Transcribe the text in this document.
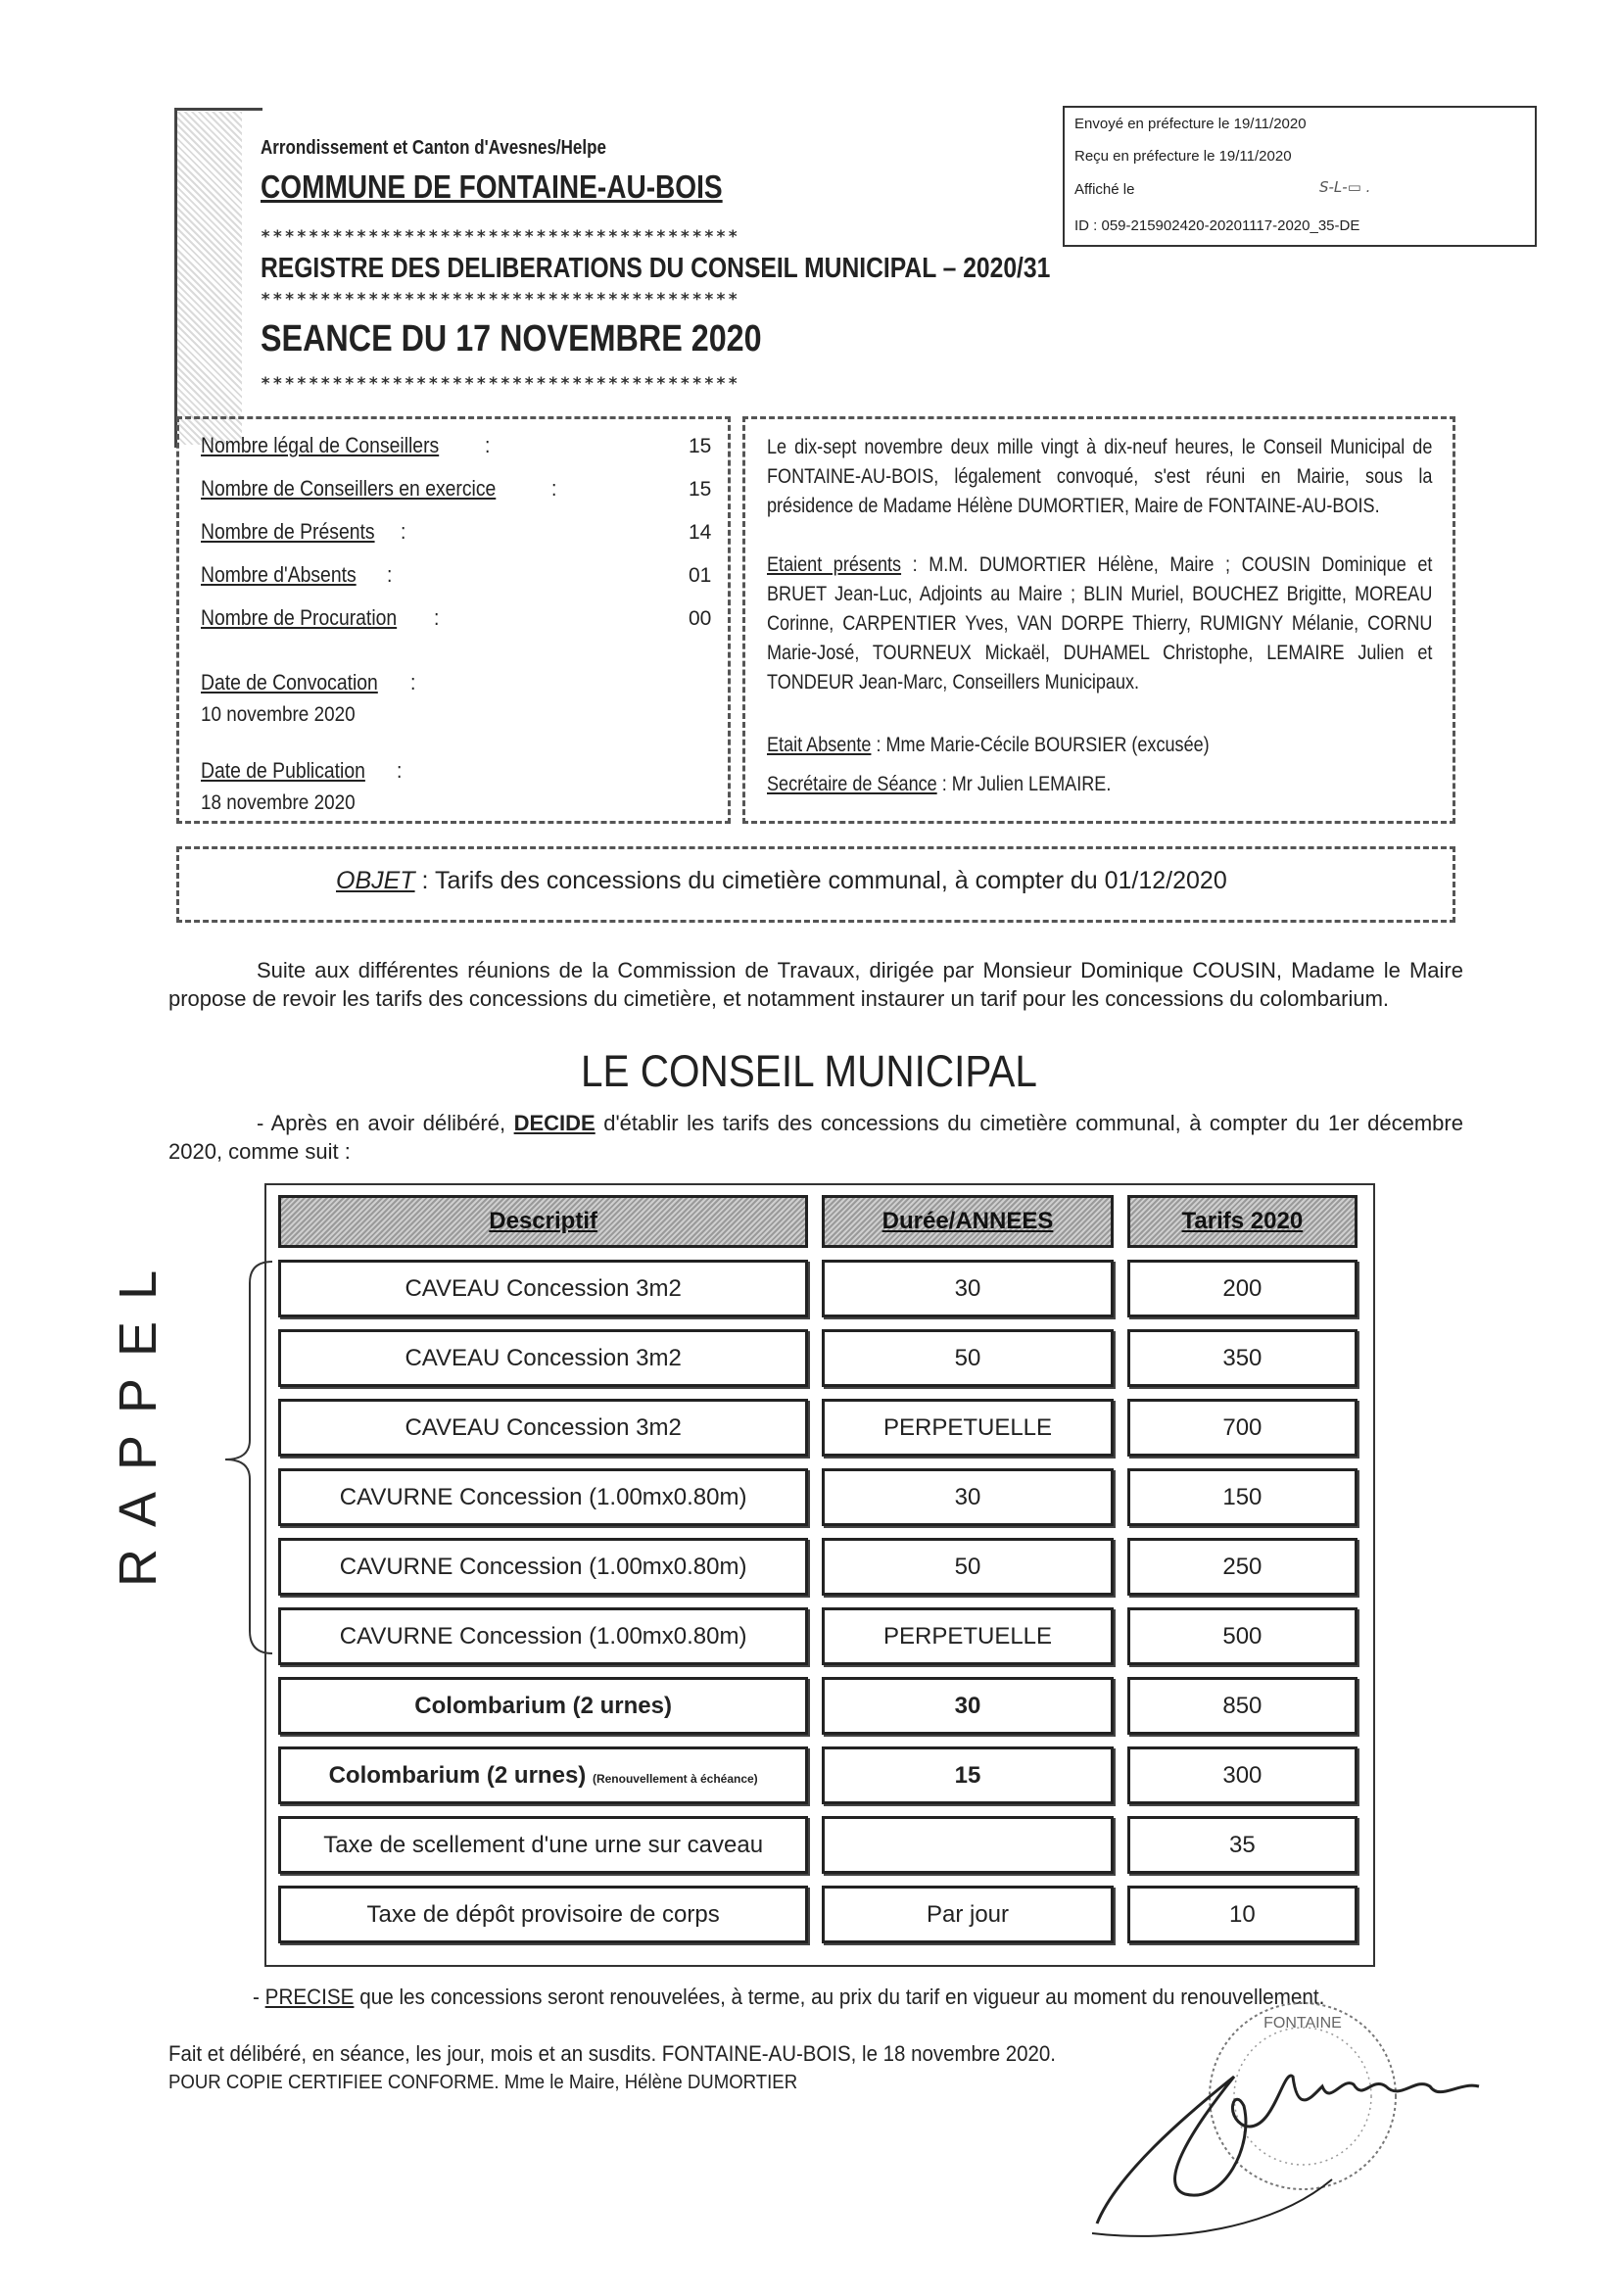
Envoyé en préfecture le 19/11/2020
Reçu en préfecture le 19/11/2020
Affiché le	S‑L‑▭ .
ID : 059-215902420-20201117-2020_35-DE
Arrondissement et Canton d'Avesnes/Helpe
COMMUNE DE FONTAINE-AU-BOIS
****************************************
REGISTRE DES DELIBERATIONS DU CONSEIL MUNICIPAL – 2020/31
****************************************
SEANCE DU 17 NOVEMBRE 2020
****************************************
Nombre légal de Conseillers :	15
Nombre de Conseillers en exercice	:	15
Nombre de Présents :	14
Nombre d'Absents :	01
Nombre de Procuration :	00
Date de Convocation :
10 novembre 2020
Date de Publication :
18 novembre 2020
Le dix-sept novembre deux mille vingt à dix-neuf heures, le Conseil Municipal de FONTAINE-AU-BOIS, légalement convoqué, s'est réuni en Mairie, sous la présidence de Madame Hélène DUMORTIER, Maire de FONTAINE-AU-BOIS.
Etaient présents : M.M. DUMORTIER Hélène, Maire ; COUSIN Dominique et BRUET Jean-Luc, Adjoints au Maire ; BLIN Muriel, BOUCHEZ Brigitte, MOREAU Corinne, CARPENTIER Yves, VAN DORPE Thierry, RUMIGNY Mélanie, CORNU Marie-José, TOURNEUX Mickaël, DUHAMEL Christophe, LEMAIRE Julien et TONDEUR Jean-Marc, Conseillers Municipaux.
Etait Absente : Mme Marie-Cécile BOURSIER (excusée)
Secrétaire de Séance : Mr Julien LEMAIRE.
OBJET : Tarifs des concessions du cimetière communal, à compter du 01/12/2020
Suite aux différentes réunions de la Commission de Travaux, dirigée par Monsieur Dominique COUSIN, Madame le Maire propose de revoir les tarifs des concessions du cimetière, et notamment instaurer un tarif pour les concessions du colombarium.
LE CONSEIL MUNICIPAL
- Après en avoir délibéré, DECIDE d'établir les tarifs des concessions du cimetière communal, à compter du 1er décembre 2020, comme suit :
RAPPEL
Descriptif	Durée/ANNEES	Tarifs 2020
CAVEAU Concession 3m2	30	200
CAVEAU Concession 3m2	50	350
CAVEAU Concession 3m2	PERPETUELLE	700
CAVURNE Concession (1.00mx0.80m)	30	150
CAVURNE Concession (1.00mx0.80m)	50	250
CAVURNE Concession (1.00mx0.80m)	PERPETUELLE	500
Colombarium (2 urnes)	30	850
Colombarium (2 urnes) (Renouvellement à échéance)	15	300
Taxe de scellement d'une urne sur caveau		35
Taxe de dépôt provisoire de corps	Par jour	10
- PRECISE que les concessions seront renouvelées, à terme, au prix du tarif en vigueur au moment du renouvellement.
Fait et délibéré, en séance, les jour, mois et an susdits. FONTAINE-AU-BOIS, le 18 novembre 2020.
POUR COPIE CERTIFIEE CONFORME. Mme le Maire, Hélène DUMORTIER
FONTAINE
